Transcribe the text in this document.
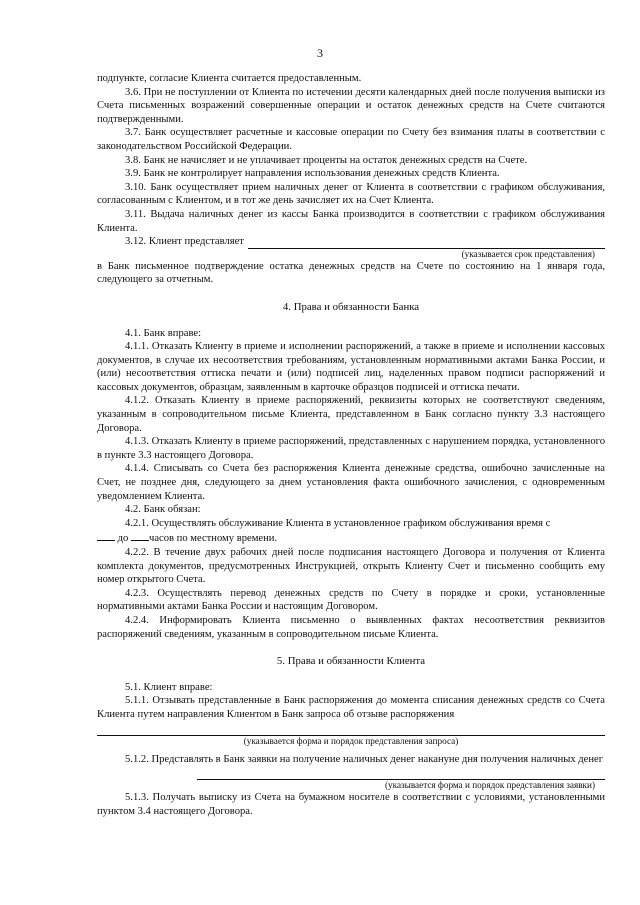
3

подпункте, согласие Клиента считается предоставленным.

3.6. При не поступлении от Клиента по истечении десяти календарных дней после получения выписки из Счета письменных возражений совершенные операции и остаток денежных средств на Счете считаются подтвержденными.

3.7. Банк осуществляет расчетные и кассовые операции по Счету без взимания платы в соответствии с законодательством Российской Федерации.

3.8. Банк не начисляет и не уплачивает проценты на остаток денежных средств на Счете.

3.9. Банк не контролирует направления использования денежных средств Клиента.

3.10. Банк осуществляет прием наличных денег от Клиента в соответствии с графиком обслуживания, согласованным с Клиентом, и в тот же день зачисляет их на Счет Клиента.

3.11. Выдача наличных денег из кассы Банка производится в соответствии с графиком обслуживания Клиента.

3.12. Клиент представляет

(указывается срок представления)

в Банк письменное подтверждение остатка денежных средств на Счете по состоянию на 1 января года, следующего за отчетным.

4. Права и обязанности Банка

4.1. Банк вправе:

4.1.1. Отказать Клиенту в приеме и исполнении распоряжений, а также в приеме и исполнении кассовых документов, в случае их несоответствия требованиям, установленным нормативными актами Банка России, и (или) несоответствия оттиска печати и (или) подписей лиц, наделенных правом подписи распоряжений и кассовых документов, образцам, заявленным в карточке образцов подписей и оттиска печати.

4.1.2. Отказать Клиенту в приеме распоряжений, реквизиты которых не соответствуют сведениям, указанным в сопроводительном письме Клиента, представленном в Банк согласно пункту 3.3 настоящего Договора.

4.1.3. Отказать Клиенту в приеме распоряжений, представленных с нарушением порядка, установленного в пункте 3.3 настоящего Договора.

4.1.4. Списывать со Счета без распоряжения Клиента денежные средства, ошибочно зачисленные на Счет, не позднее дня, следующего за днем установления факта ошибочного зачисления, с одновременным уведомлением Клиента.

4.2. Банк обязан:

4.2.1. Осуществлять обслуживание Клиента в установленное графиком обслуживания время с

до часов по местному времени.

4.2.2. В течение двух рабочих дней после подписания настоящего Договора и получения от Клиента комплекта документов, предусмотренных Инструкцией, открыть Клиенту Счет и письменно сообщить ему номер открытого Счета.

4.2.3. Осуществлять перевод денежных средств по Счету в порядке и сроки, установленные нормативными актами Банка России и настоящим Договором.

4.2.4. Информировать Клиента письменно о выявленных фактах несоответствия реквизитов распоряжений сведениям, указанным в сопроводительном письме Клиента.

5. Права и обязанности Клиента

5.1. Клиент вправе:

5.1.1. Отзывать представленные в Банк распоряжения до момента списания денежных средств со Счета Клиента путем направления Клиентом в Банк запроса об отзыве распоряжения

(указывается форма и порядок представления запроса)

5.1.2. Представлять в Банк заявки на получение наличных денег накануне дня получения наличных денег

(указывается форма и порядок представления заявки)

5.1.3. Получать выписку из Счета на бумажном носителе в соответствии с условиями, установленными пунктом 3.4 настоящего Договора.
